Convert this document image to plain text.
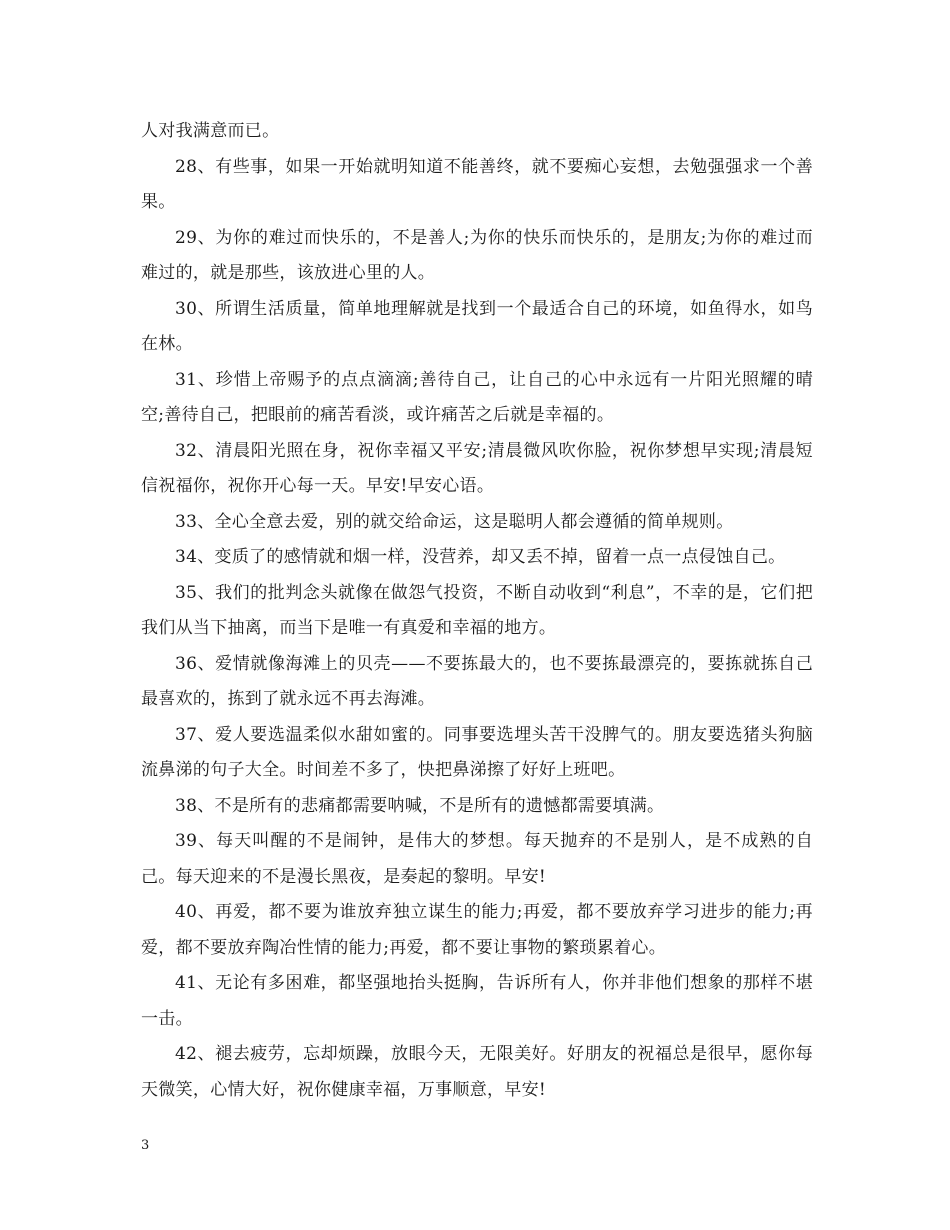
人对我满意而已。

28、有些事，如果一开始就明知道不能善终，就不要痴心妄想，去勉强强求一个善果。

29、为你的难过而快乐的，不是善人;为你的快乐而快乐的，是朋友;为你的难过而难过的，就是那些，该放进心里的人。

30、所谓生活质量，简单地理解就是找到一个最适合自己的环境，如鱼得水，如鸟在林。

31、珍惜上帝赐予的点点滴滴;善待自己，让自己的心中永远有一片阳光照耀的晴空;善待自己，把眼前的痛苦看淡，或许痛苦之后就是幸福的。

32、清晨阳光照在身，祝你幸福又平安;清晨微风吹你脸，祝你梦想早实现;清晨短信祝福你，祝你开心每一天。早安!早安心语。

33、全心全意去爱，别的就交给命运，这是聪明人都会遵循的简单规则。

34、变质了的感情就和烟一样，没营养，却又丢不掉，留着一点一点侵蚀自己。

35、我们的批判念头就像在做怨气投资，不断自动收到“利息”，不幸的是，它们把我们从当下抽离，而当下是唯一有真爱和幸福的地方。

36、爱情就像海滩上的贝壳——不要拣最大的，也不要拣最漂亮的，要拣就拣自己最喜欢的，拣到了就永远不再去海滩。

37、爱人要选温柔似水甜如蜜的。同事要选埋头苦干没脾气的。朋友要选猪头狗脑流鼻涕的句子大全。时间差不多了，快把鼻涕擦了好好上班吧。

38、不是所有的悲痛都需要呐喊，不是所有的遗憾都需要填满。

39、每天叫醒的不是闹钟，是伟大的梦想。每天抛弃的不是别人，是不成熟的自己。每天迎来的不是漫长黑夜，是奏起的黎明。早安!

40、再爱，都不要为谁放弃独立谋生的能力;再爱，都不要放弃学习进步的能力;再爱，都不要放弃陶冶性情的能力;再爱，都不要让事物的繁琐累着心。

41、无论有多困难，都坚强地抬头挺胸，告诉所有人，你并非他们想象的那样不堪一击。

42、褪去疲劳，忘却烦躁，放眼今天，无限美好。好朋友的祝福总是很早，愿你每天微笑，心情大好，祝你健康幸福，万事顺意，早安!

3
